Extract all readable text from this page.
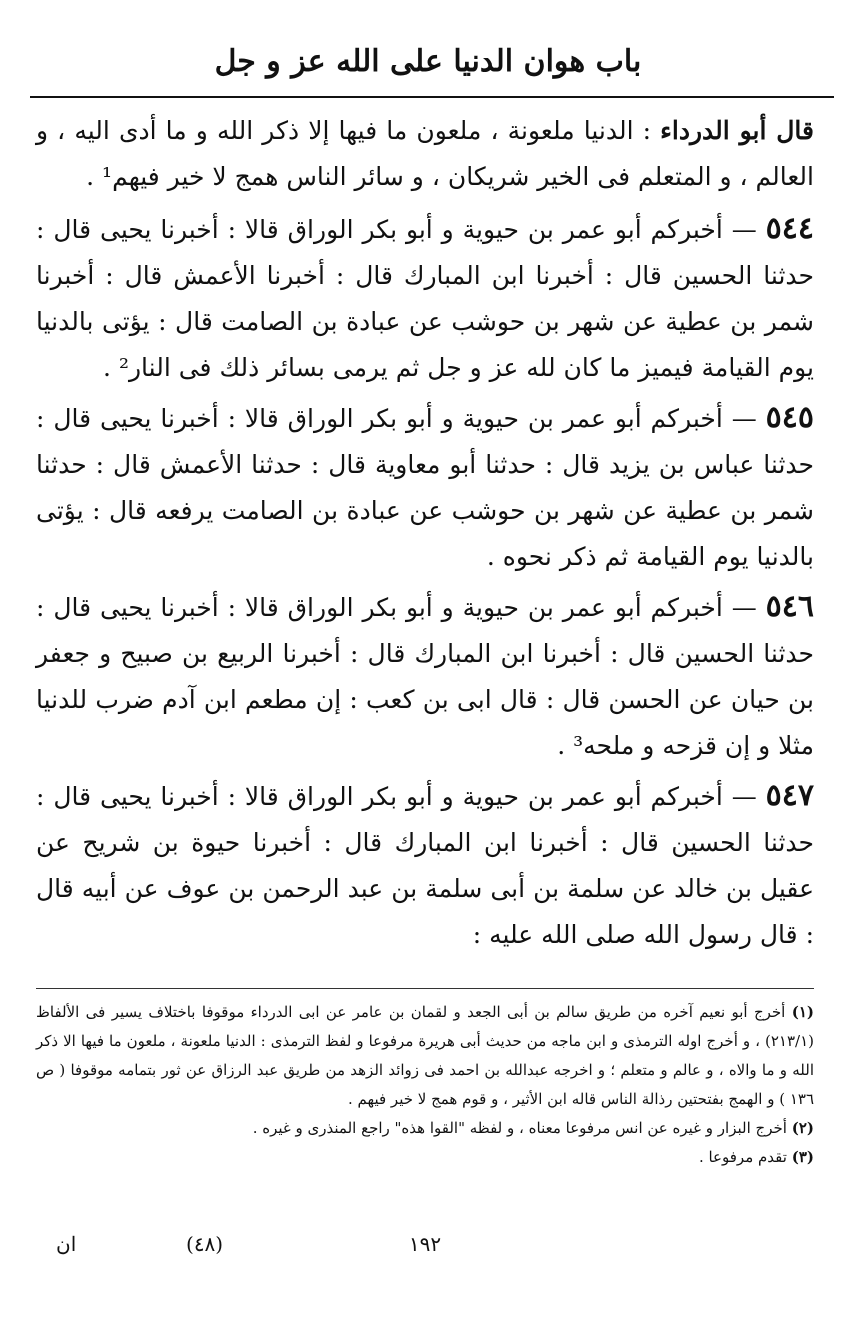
باب هوان الدنيا على الله عز و جل

قال أبو الدرداء : الدنيا ملعونة ، ملعون ما فيها إلا ذكر الله و ما أدى اليه ، و العالم ، و المتعلم فى الخير شريكان ، و سائر الناس همج لا خير فيهم¹ .

٥٤٤ — أخبركم أبو عمر بن حيوية و أبو بكر الوراق قالا : أخبرنا يحيى قال : حدثنا الحسين قال : أخبرنا ابن المبارك قال : أخبرنا الأعمش قال : أخبرنا شمر بن عطية عن شهر بن حوشب عن عبادة بن الصامت قال : يؤتى بالدنيا يوم القيامة فيميز ما كان لله عز و جل ثم يرمى بسائر ذلك فى النار² .

٥٤٥ — أخبركم أبو عمر بن حيوية و أبو بكر الوراق قالا : أخبرنا يحيى قال : حدثنا عباس بن يزيد قال : حدثنا أبو معاوية قال : حدثنا الأعمش قال : حدثنا شمر بن عطية عن شهر بن حوشب عن عبادة بن الصامت يرفعه قال : يؤتى بالدنيا يوم القيامة ثم ذكر نحوه .

٥٤٦ — أخبركم أبو عمر بن حيوية و أبو بكر الوراق قالا : أخبرنا يحيى قال : حدثنا الحسين قال : أخبرنا ابن المبارك قال : أخبرنا الربيع بن صبيح و جعفر بن حيان عن الحسن قال : قال ابى بن كعب : إن مطعم ابن آدم ضرب للدنيا مثلا و إن قزحه و ملحه³ .

٥٤٧ — أخبركم أبو عمر بن حيوية و أبو بكر الوراق قالا : أخبرنا يحيى قال : حدثنا الحسين قال : أخبرنا ابن المبارك قال : أخبرنا حيوة بن شريح عن عقيل بن خالد عن سلمة بن أبى سلمة بن عبد الرحمن بن عوف عن أبيه قال : قال رسول الله صلى الله عليه :

(١) أخرج أبو نعيم آخره من طريق سالم بن أبى الجعد و لقمان بن عامر عن ابى الدرداء موقوفا باختلاف يسير فى الألفاظ (٢١٣/١) ، و أخرج اوله الترمذى و ابن ماجه من حديث أبى هريرة مرفوعا و لفظ الترمذى : الدنيا ملعونة ، ملعون ما فيها الا ذكر الله و ما والاه ، و عالم و متعلم ؛ و اخرجه عبدالله بن احمد فى زوائد الزهد من طريق عبد الرزاق عن ثور بتمامه موقوفا ( ص ١٣٦ ) و الهمج بفتحتين رذالة الناس قاله ابن الأثير ، و قوم همج لا خير فيهم .

(٢) أخرج البزار و غيره عن انس مرفوعا معناه ، و لفظه "القوا هذه" راجع المنذرى و غيره .

(٣) تقدم مرفوعا .

ان	(٤٨)	١٩٢
